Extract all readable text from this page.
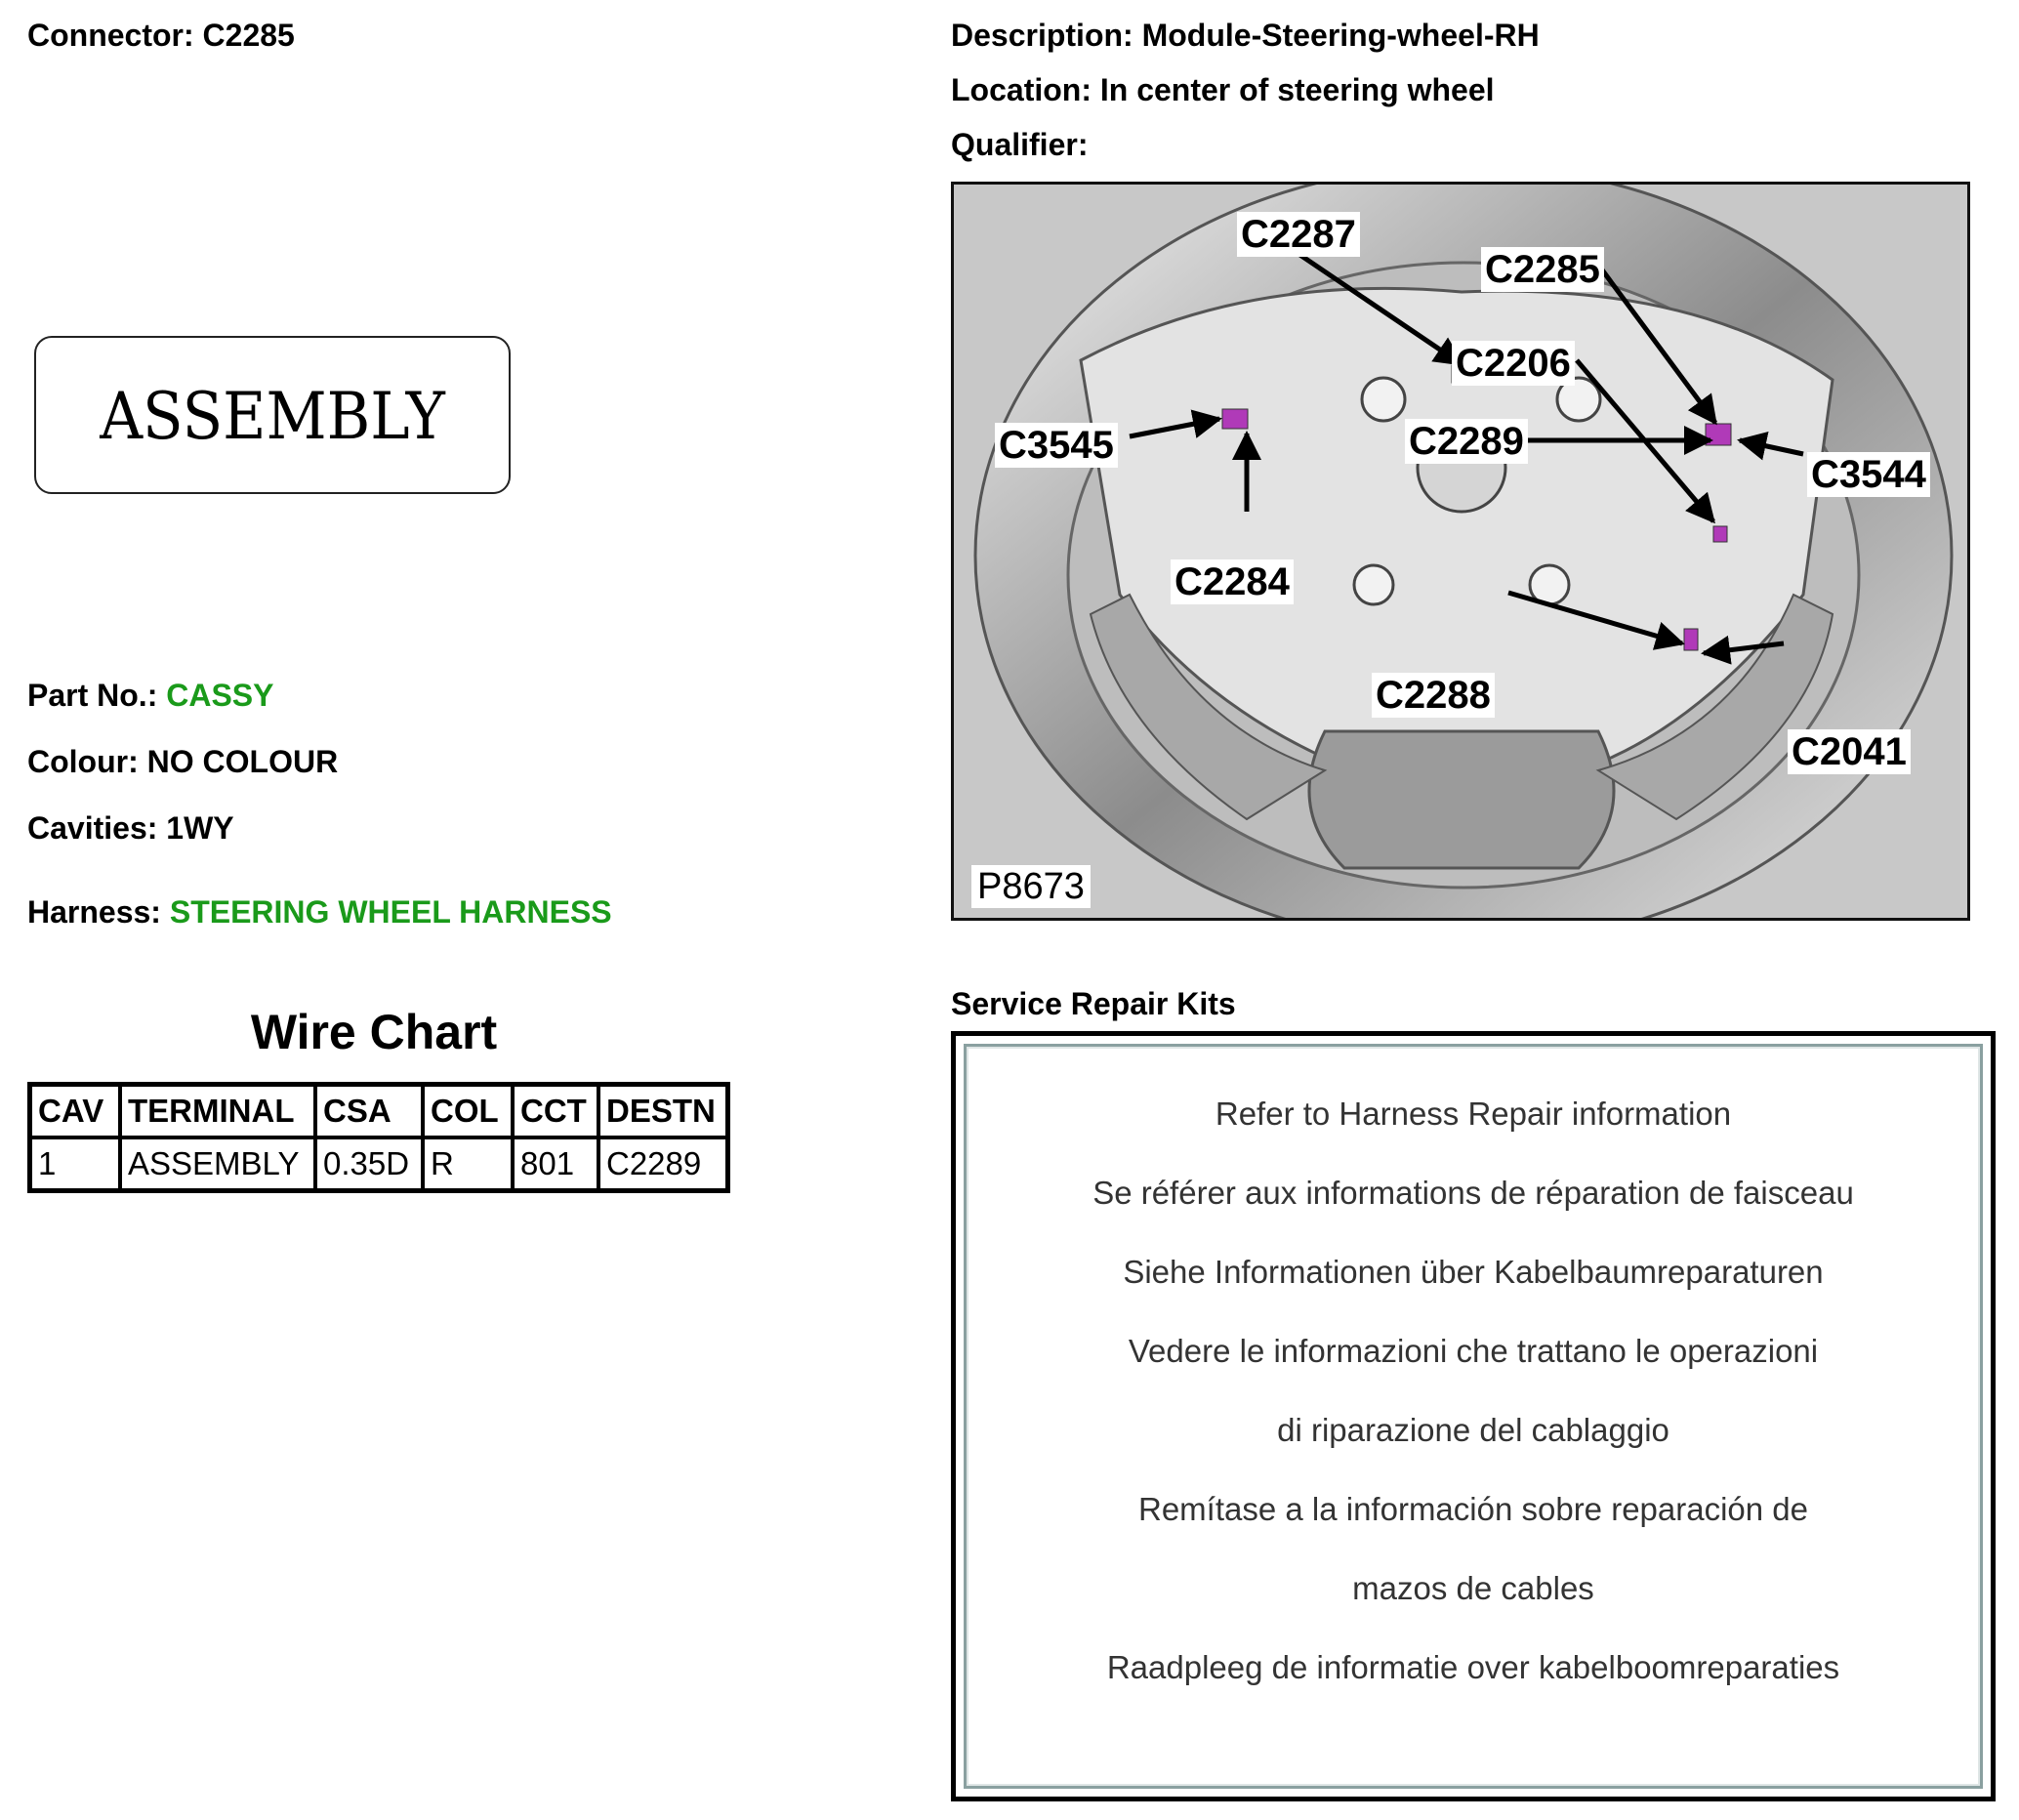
Connector: C2285	Description: Module-Steering-wheel-RH
Location: In center of steering wheel
Qualifier:
ASSEMBLY
Part No.: CASSY
Colour: NO COLOUR
Cavities: 1WY
Harness: STEERING WHEEL HARNESS
Wire Chart
CAV	TERMINAL	CSA	COL	CCT	DESTN
1	ASSEMBLY	0.35D	R	801	C2289
C2287
C2285
C2206
C3545	C2289
C3544
C2284
C2288
C2041
P8673
Service Repair Kits
Refer to Harness Repair information
Se référer aux informations de réparation de faisceau
Siehe Informationen über Kabelbaumreparaturen
Vedere le informazioni che trattano le operazioni
di riparazione del cablaggio
Remítase a la información sobre reparación de
mazos de cables
Raadpleeg de informatie over kabelboomreparaties
